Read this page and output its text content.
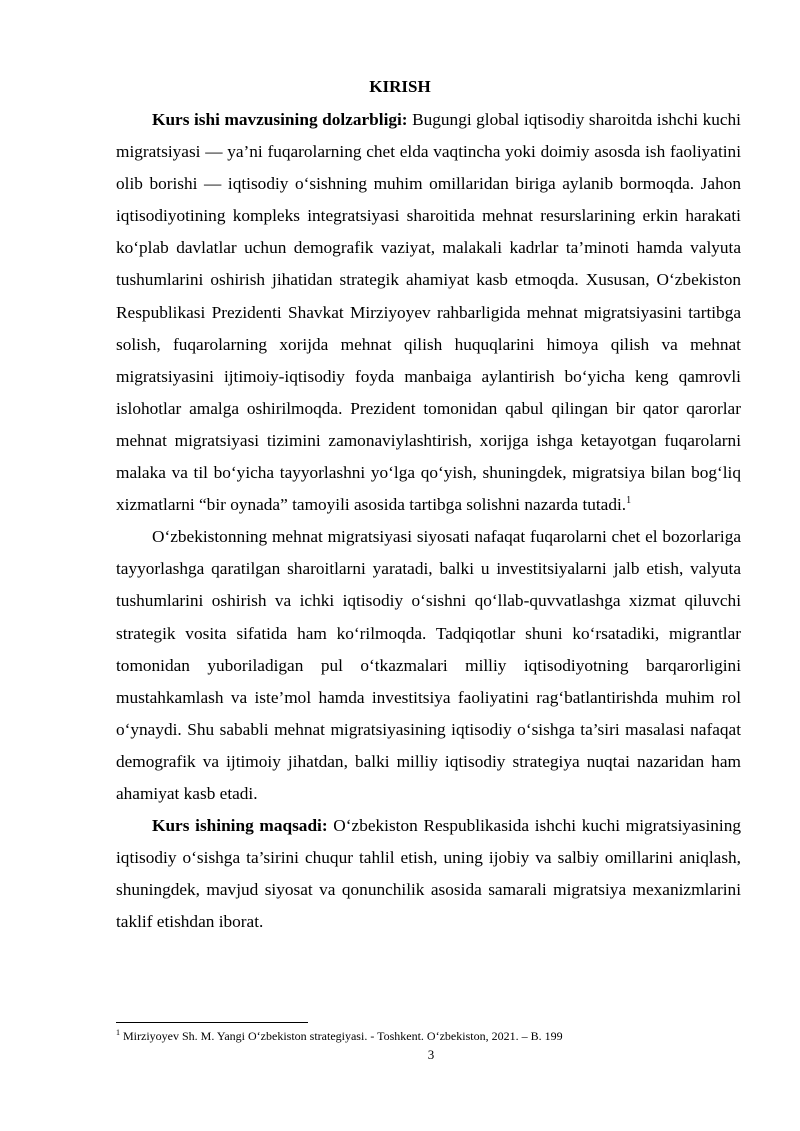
KIRISH

Kurs ishi mavzusining dolzarbligi: Bugungi global iqtisodiy sharoitda ishchi kuchi migratsiyasi — ya’ni fuqarolarning chet elda vaqtincha yoki doimiy asosda ish faoliyatini olib borishi — iqtisodiy o‘sishning muhim omillaridan biriga aylanib bormoqda. Jahon iqtisodiyotining kompleks integratsiyasi sharoitida mehnat resurslarining erkin harakati ko‘plab davlatlar uchun demografik vaziyat, malakali kadrlar ta’minoti hamda valyuta tushumlarini oshirish jihatidan strategik ahamiyat kasb etmoqda. Xususan, O‘zbekiston Respublikasi Prezidenti Shavkat Mirziyoyev rahbarligida mehnat migratsiyasini tartibga solish, fuqarolarning xorijda mehnat qilish huquqlarini himoya qilish va mehnat migratsiyasini ijtimoiy-iqtisodiy foyda manbaiga aylantirish bo‘yicha keng qamrovli islohotlar amalga oshirilmoqda. Prezident tomonidan qabul qilingan bir qator qarorlar mehnat migratsiyasi tizimini zamonaviylashtirish, xorijga ishga ketayotgan fuqarolarni malaka va til bo‘yicha tayyorlashni yo‘lga qo‘yish, shuningdek, migratsiya bilan bog‘liq xizmatlarni “bir oynada” tamoyili asosida tartibga solishni nazarda tutadi.$^1$

O‘zbekistonning mehnat migratsiyasi siyosati nafaqat fuqarolarni chet el bozorlariga tayyorlashga qaratilgan sharoitlarni yaratadi, balki u investitsiyalarni jalb etish, valyuta tushumlarini oshirish va ichki iqtisodiy o‘sishni qo‘llab-quvvatlashga xizmat qiluvchi strategik vosita sifatida ham ko‘rilmoqda. Tadqiqotlar shuni ko‘rsatadiki, migrantlar tomonidan yuboriladigan pul o‘tkazmalari milliy iqtisodiyotning barqarorligini mustahkamlash va iste’mol hamda investitsiya faoliyatini rag‘batlantirishda muhim rol o‘ynaydi. Shu sababli mehnat migratsiyasining iqtisodiy o‘sishga ta’siri masalasi nafaqat demografik va ijtimoiy jihatdan, balki milliy iqtisodiy strategiya nuqtai nazaridan ham ahamiyat kasb etadi.

Kurs ishining maqsadi: O‘zbekiston Respublikasida ishchi kuchi migratsiyasining iqtisodiy o‘sishga ta’sirini chuqur tahlil etish, uning ijobiy va salbiy omillarini aniqlash, shuningdek, mavjud siyosat va qonunchilik asosida samarali migratsiya mexanizmlarini taklif etishdan iborat.

$^1$ Mirziyoyev Sh. M. Yangi O‘zbekiston strategiyasi. - Toshkent. O‘zbekiston, 2021. – B. 199
3
